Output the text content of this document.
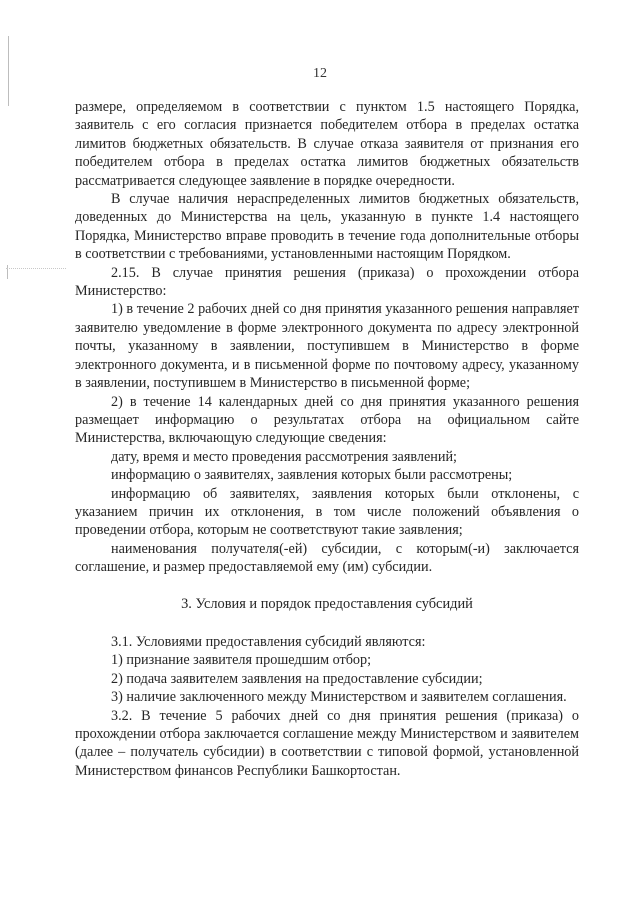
12

размере, определяемом в соответствии с пунктом 1.5 настоящего Порядка, заявитель с его согласия признается победителем отбора в пределах остатка лимитов бюджетных обязательств. В случае отказа заявителя от признания его победителем отбора в пределах остатка лимитов бюджетных обязательств рассматривается следующее заявление в порядке очередности.

В случае наличия нераспределенных лимитов бюджетных обязательств, доведенных до Министерства на цель, указанную в пункте 1.4 настоящего Порядка, Министерство вправе проводить в течение года дополнительные отборы в соответствии с требованиями, установленными настоящим Порядком.

2.15. В случае принятия решения (приказа) о прохождении отбора Министерство:

1) в течение 2 рабочих дней со дня принятия указанного решения направляет заявителю уведомление в форме электронного документа по адресу электронной почты, указанному в заявлении, поступившем в Министерство в форме электронного документа, и в письменной форме по почтовому адресу, указанному в заявлении, поступившем в Министерство в письменной форме;

2) в течение 14 календарных дней со дня принятия указанного решения размещает информацию о результатах отбора на официальном сайте Министерства, включающую следующие сведения:

дату, время и место проведения рассмотрения заявлений;

информацию о заявителях, заявления которых были рассмотрены;

информацию об заявителях, заявления которых были отклонены, с указанием причин их отклонения, в том числе положений объявления о проведении отбора, которым не соответствуют такие заявления;

наименования получателя(-ей) субсидии, с которым(-и) заключается соглашение, и размер предоставляемой ему (им) субсидии.

3. Условия и порядок предоставления субсидий

3.1. Условиями предоставления субсидий являются:

1) признание заявителя прошедшим отбор;

2) подача заявителем заявления на предоставление субсидии;

3) наличие заключенного между Министерством и заявителем соглашения.

3.2. В течение 5 рабочих дней со дня принятия решения (приказа) о прохождении отбора заключается соглашение между Министерством и заявителем (далее – получатель субсидии) в соответствии с типовой формой, установленной Министерством финансов Республики Башкортостан.
